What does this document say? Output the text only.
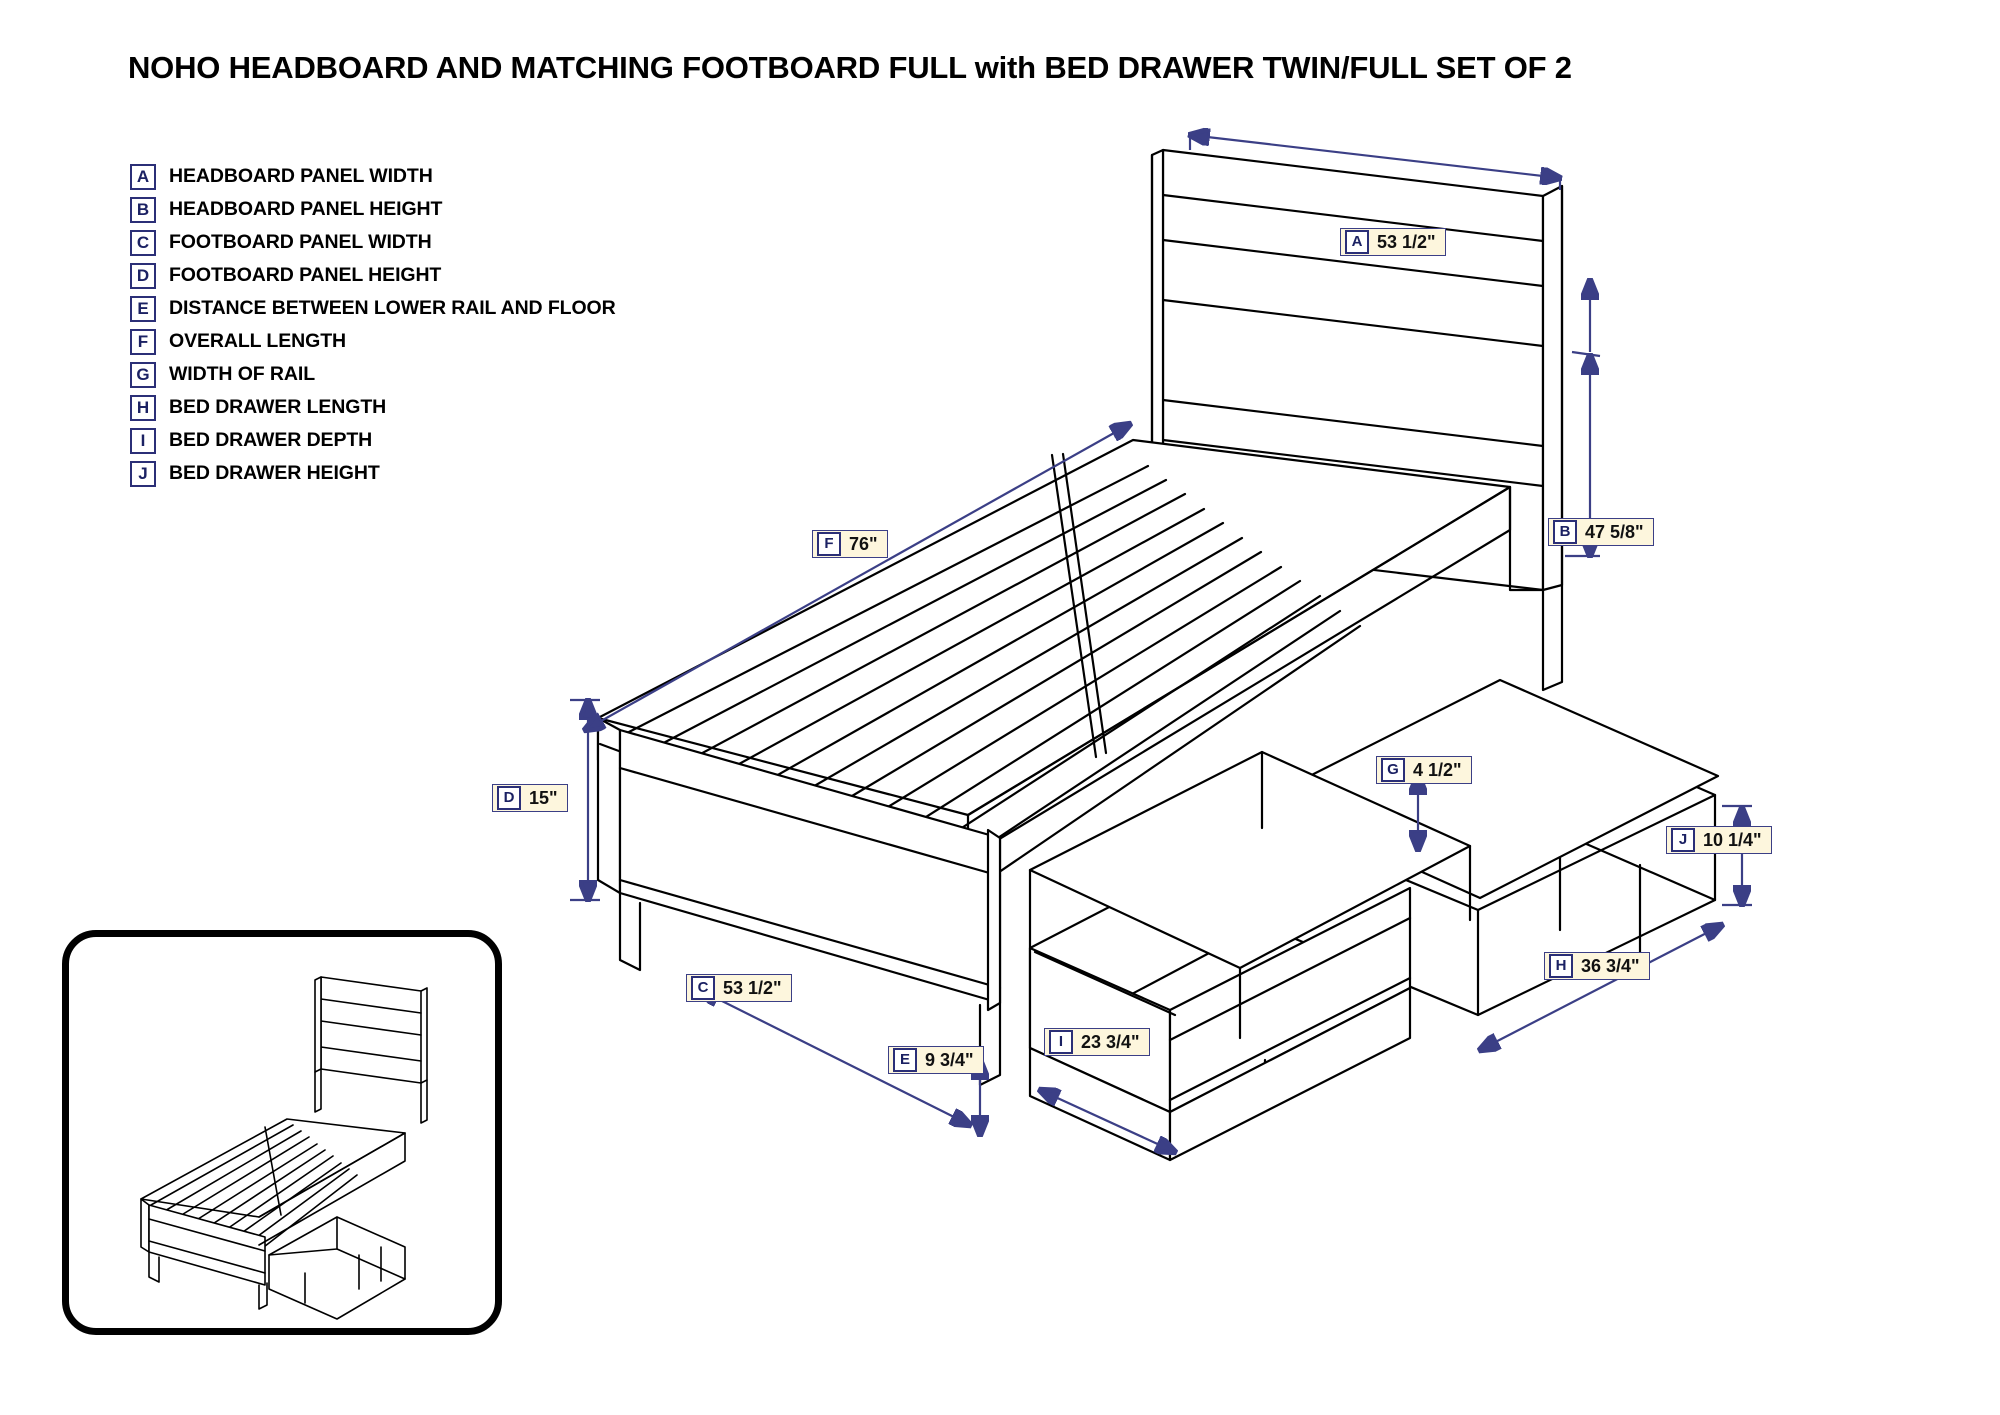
NOHO HEADBOARD AND MATCHING FOOTBOARD FULL with BED DRAWER TWIN/FULL SET OF 2
A	HEADBOARD PANEL WIDTH
B	HEADBOARD PANEL HEIGHT
C	FOOTBOARD PANEL WIDTH
D	FOOTBOARD PANEL HEIGHT
E	DISTANCE BETWEEN LOWER RAIL AND FLOOR
F	OVERALL LENGTH
G WIDTH OF RAIL
H	BED DRAWER LENGTH
I	BED DRAWER DEPTH
J	BED DRAWER HEIGHT
A 53 1/2"
B 47 5/8"
C 53 1/2"
D 15"
E 9 3/4"
F 76"
G 4 1/2"
H 36 3/4"
I 23 3/4"
J 10 1/4"
